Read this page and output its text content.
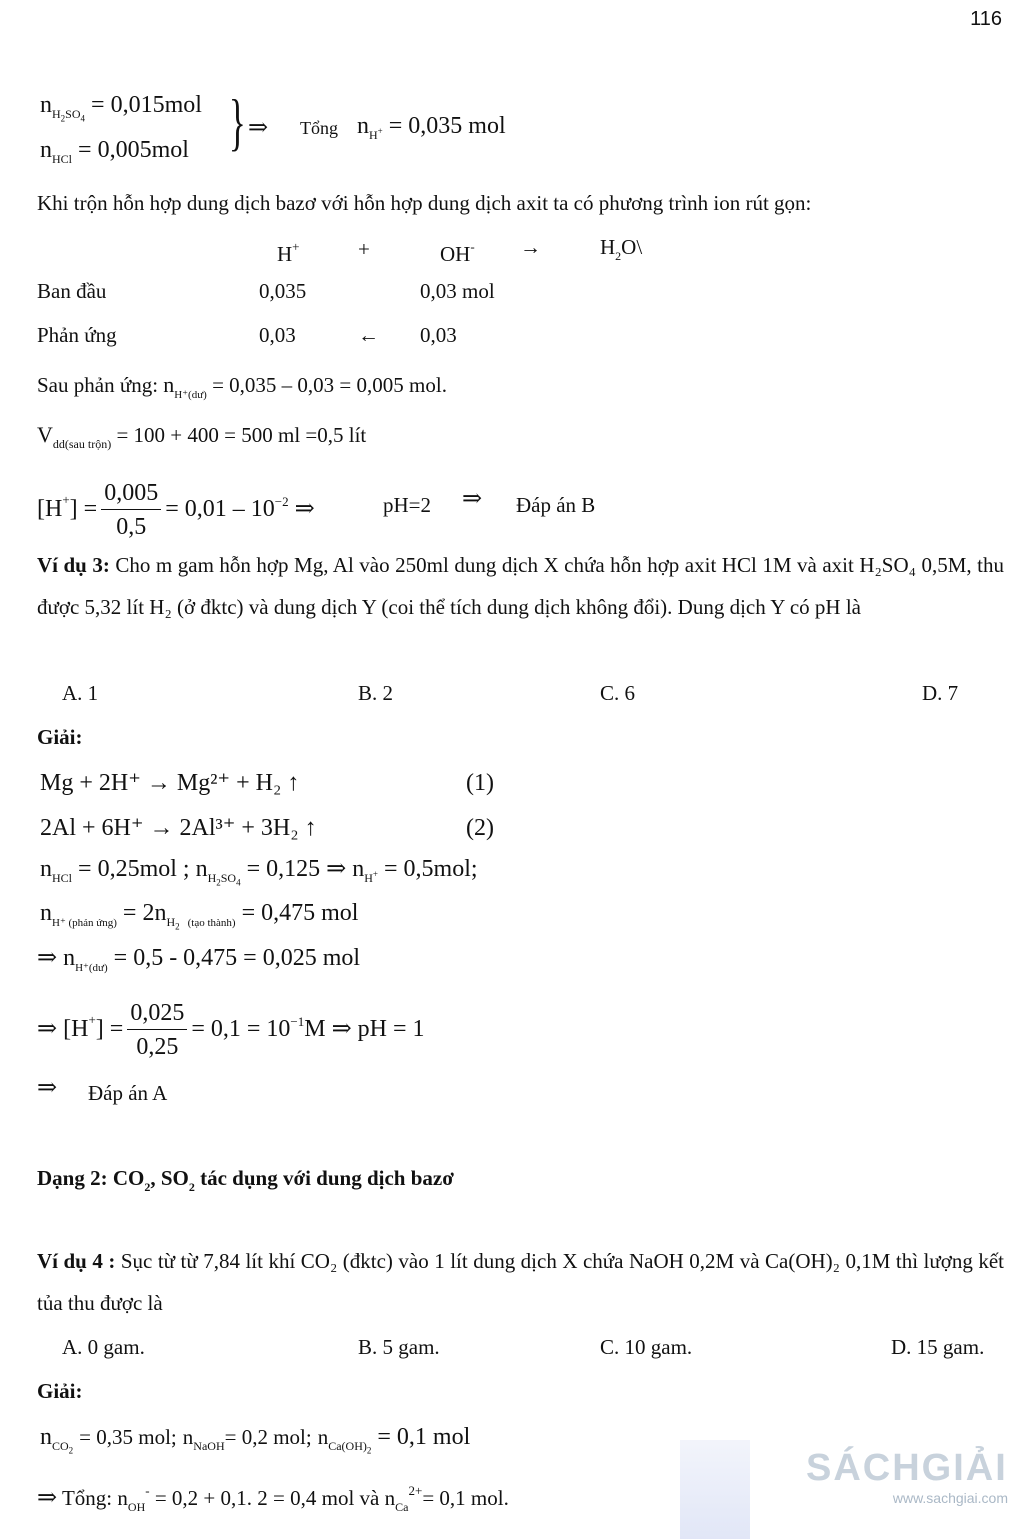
116
$n_{H_2SO_4} = 0,015mol$
$n_{HCl} = 0,005mol$ } ⇒ Tổng $n_{H^+} = 0,035$ mol
Khi trộn hỗn hợp dung dịch bazơ với hỗn hợp dung dịch axit ta có phương trình ion rút gọn:
H+	+	OH- →	$H_2O\backslash$
Ban đầu	0,035	0,03 mol
Phản ứng	0,03	← 0,03
Sau phản ứng: $n_{H^+(dư)} = 0,035 - 0,03 = 0,005$ mol.
$V_{dd(sau trộn)} = 100 + 400 = 500$ ml =0,5 lít
$[H^+] = \frac{0,005}{0,5} = 0,01 - 10^{-2}$ ⇒	pH=2 ⇒ Đáp án B
Ví dụ 3: Cho m gam hỗn hợp Mg, Al vào 250ml dung dịch X chứa hỗn hợp axit HCl 1M và axit H₂SO₄ 0,5M, thu được 5,32 lít H₂ (ở đktc) và dung dịch Y (coi thể tích dung dịch không đổi). Dung dịch Y có pH là
A. 1	B. 2	C. 6	D. 7
Giải:
Mg + 2H⁺ → Mg²⁺ + H₂ ↑	(1)
2Al + 6H⁺ → 2Al³⁺ + 3H₂ ↑	(2)
$n_{HCl} = 0,25mol$ ; $n_{H_2SO_4} = 0,125$ ⇒ $n_{H^+} = 0,5mol$;
$n_{H^+ (phản ứng)} = 2n_{H_2}$ $_{(tạo thành)}$ = 0,475 mol
⇒ $n_{H^+(dư)} = 0,5 - 0,475 = 0,025$ mol
⇒ $[H^+] = \frac{0,025}{0,25} = 0,1 = 10^{-1}M$ ⇒ pH = 1
⇒ Đáp án A
Dạng 2: $CO_2$, $SO_2$ tác dụng với dung dịch bazơ
Ví dụ 4 : Sục từ từ 7,84 lít khí CO₂ (đktc) vào 1 lít dung dịch X chứa NaOH 0,2M và Ca(OH)₂ 0,1M thì lượng kết tủa thu được là
A. 0 gam.	B. 5 gam.	C. 10 gam.	D. 15 gam.
Giải:
$n_{CO_2} = 0,35$ mol; $n_{NaOH}= 0,2$ mol; $n_{Ca(OH)_2} = 0,1$ mol
⇒ Tổng: $n_{OH}^- = 0,2 + 0,1$. 2 = 0,4 mol và $n_{Ca}^{2+}= 0,1$ mol.
SÁCHGIẢI
www.sachgiai.com
